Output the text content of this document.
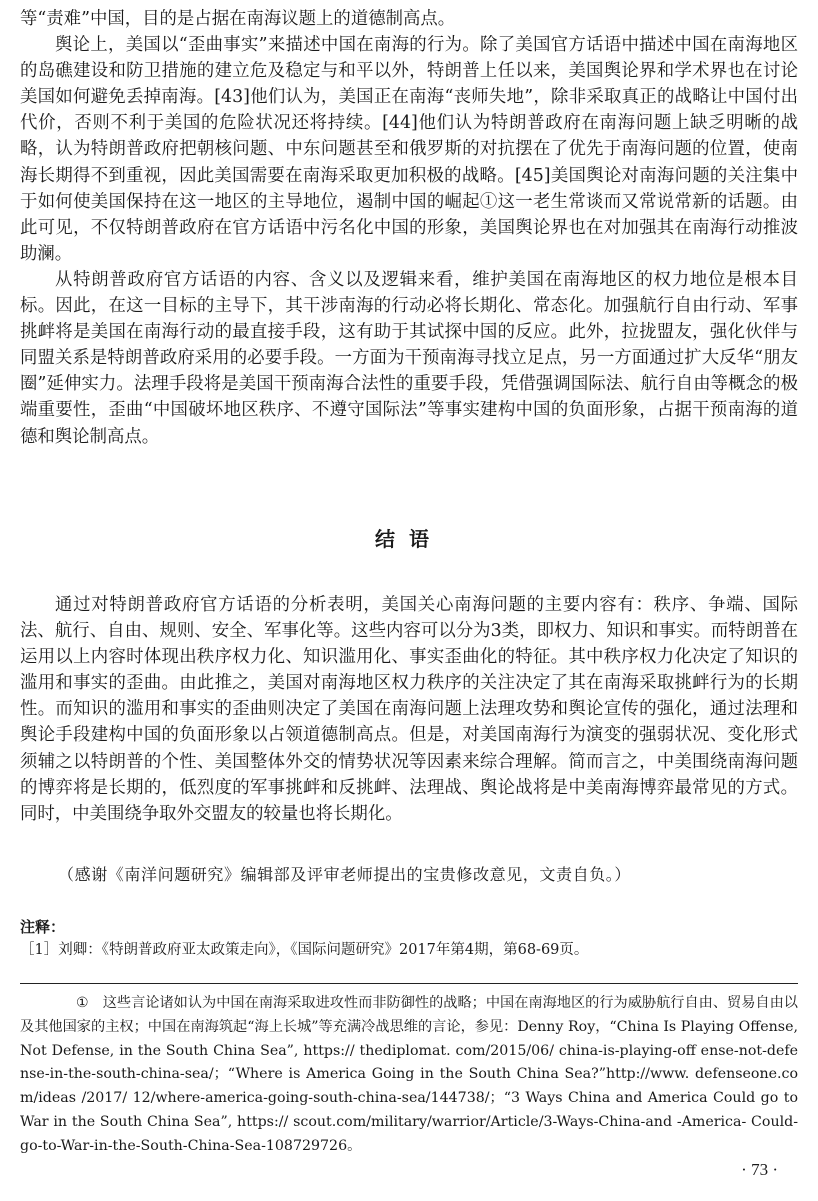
等“责难”中国，目的是占据在南海议题上的道德制高点。

舆论上，美国以“歪曲事实”来描述中国在南海的行为。除了美国官方话语中描述中国在南海地区的岛礁建设和防卫措施的建立危及稳定与和平以外，特朗普上任以来，美国舆论界和学术界也在讨论美国如何避免丢掉南海。[43]他们认为，美国正在南海“丧师失地”，除非采取真正的战略让中国付出代价，否则不利于美国的危险状况还将持续。[44]他们认为特朗普政府在南海问题上缺乏明晰的战略，认为特朗普政府把朝核问题、中东问题甚至和俄罗斯的对抗摆在了优先于南海问题的位置，使南海长期得不到重视，因此美国需要在南海采取更加积极的战略。[45]美国舆论对南海问题的关注集中于如何使美国保持在这一地区的主导地位，遏制中国的崛起①这一老生常谈而又常说常新的话题。由此可见，不仅特朗普政府在官方话语中污名化中国的形象，美国舆论界也在对加强其在南海行动推波助澜。

从特朗普政府官方话语的内容、含义以及逻辑来看，维护美国在南海地区的权力地位是根本目标。因此，在这一目标的主导下，其干涉南海的行动必将长期化、常态化。加强航行自由行动、军事挑衅将是美国在南海行动的最直接手段，这有助于其试探中国的反应。此外，拉拢盟友，强化伙伴与同盟关系是特朗普政府采用的必要手段。一方面为干预南海寻找立足点，另一方面通过扩大反华“朋友圈”延伸实力。法理手段将是美国干预南海合法性的重要手段，凭借强调国际法、航行自由等概念的极端重要性，歪曲“中国破坏地区秩序、不遵守国际法”等事实建构中国的负面形象，占据干预南海的道德和舆论制高点。

结语

通过对特朗普政府官方话语的分析表明，美国关心南海问题的主要内容有：秩序、争端、国际法、航行、自由、规则、安全、军事化等。这些内容可以分为3类，即权力、知识和事实。而特朗普在运用以上内容时体现出秩序权力化、知识滥用化、事实歪曲化的特征。其中秩序权力化决定了知识的滥用和事实的歪曲。由此推之，美国对南海地区权力秩序的关注决定了其在南海采取挑衅行为的长期性。而知识的滥用和事实的歪曲则决定了美国在南海问题上法理攻势和舆论宣传的强化，通过法理和舆论手段建构中国的负面形象以占领道德制高点。但是，对美国南海行为演变的强弱状况、变化形式须辅之以特朗普的个性、美国整体外交的情势状况等因素来综合理解。简而言之，中美围绕南海问题的博弈将是长期的，低烈度的军事挑衅和反挑衅、法理战、舆论战将是中美南海博弈最常见的方式。同时，中美围绕争取外交盟友的较量也将长期化。

（感谢《南洋问题研究》编辑部及评审老师提出的宝贵修改意见，文责自负。）

注释：

［1］刘卿：《特朗普政府亚太政策走向》，《国际问题研究》2017年第4期，第68-69页。

① 这些言论诸如认为中国在南海采取进攻性而非防御性的战略；中国在南海地区的行为威胁航行自由、贸易自由以及其他国家的主权；中国在南海筑起“海上长城”等充满冷战思维的言论，参见：Denny Roy，“China Is Playing Offense, Not Defense, in the South China Sea”, https:// thediplomat. com/2015/06/ china-is-playing-off ense-not-defense-in-the-south-china-sea/；“Where is America Going in the South China Sea?”http://www. defenseone.com/ideas /2017/ 12/where-america-going-south-china-sea/144738/；“3 Ways China and America Could go to War in the South China Sea”, https:// scout.com/military/warrior/Article/3-Ways-China-and -America- Could-go-to-War-in-the-South-China-Sea-108729726。

· 73 ·
